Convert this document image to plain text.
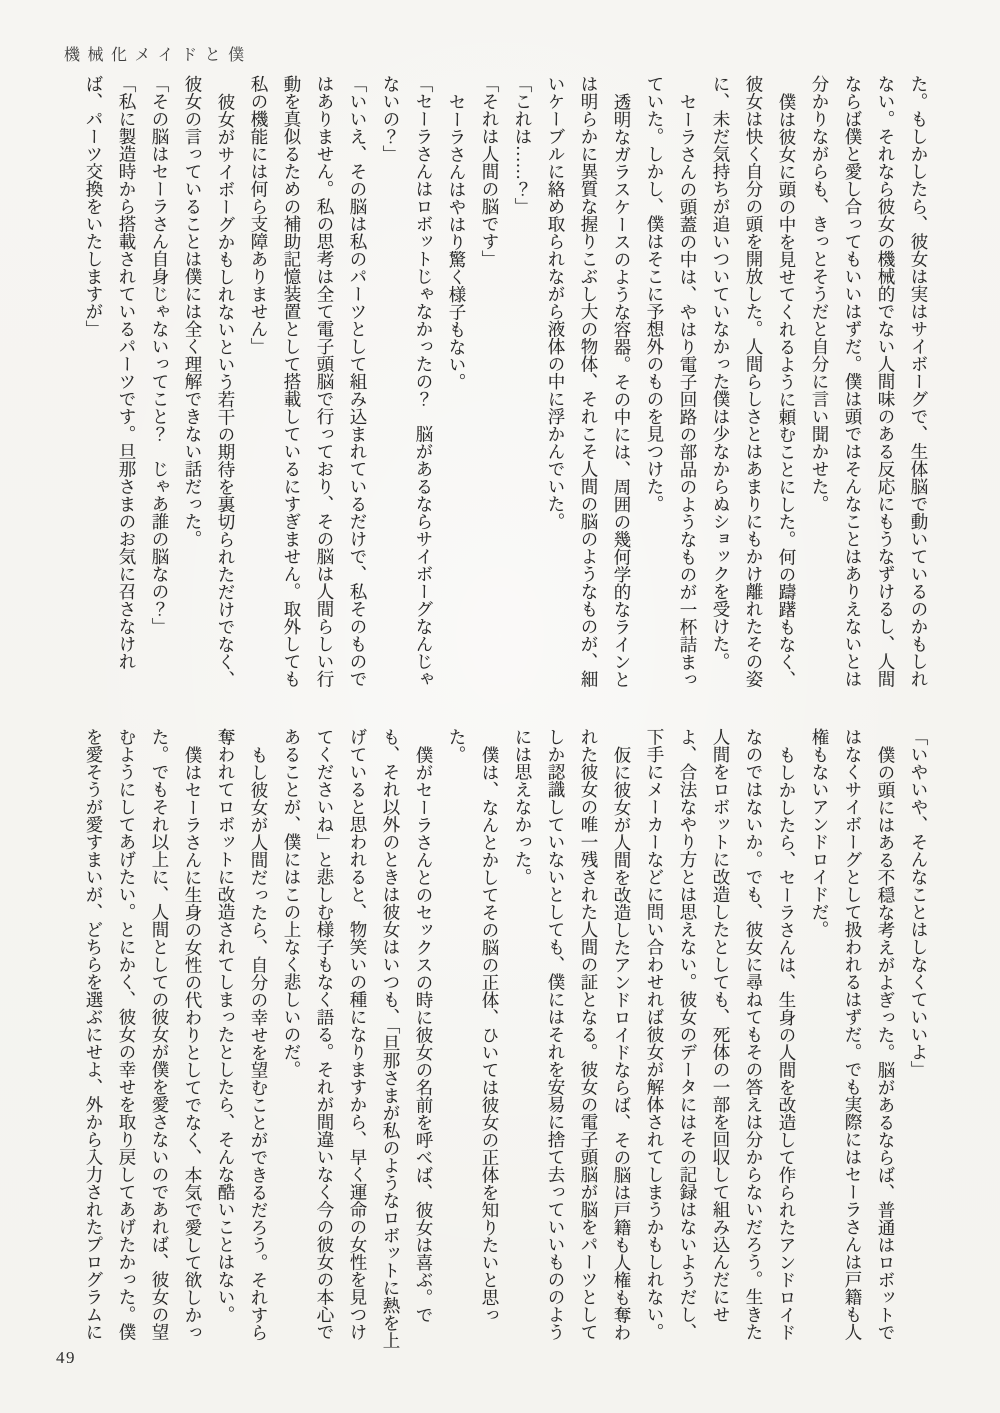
機械化メイドと僕

た。もしかしたら、彼女は実はサイボーグで、生体脳で動いているのかもしれない。それなら彼女の機械的でない人間味のある反応にもうなずけるし、人間ならば僕と愛し合ってもいいはずだ。僕は頭ではそんなことはありえないとは分かりながらも、きっとそうだと自分に言い聞かせた。

僕は彼女に頭の中を見せてくれるように頼むことにした。何の躊躇もなく、彼女は快く自分の頭を開放した。人間らしさとはあまりにもかけ離れたその姿に、未だ気持ちが追いついていなかった僕は少なからぬショックを受けた。

セーラさんの頭蓋の中は、やはり電子回路の部品のようなものが一杯詰まっていた。しかし、僕はそこに予想外のものを見つけた。

透明なガラスケースのような容器。その中には、周囲の幾何学的なラインとは明らかに異質な握りこぶし大の物体、それこそ人間の脳のようなものが、細いケーブルに絡め取られながら液体の中に浮かんでいた。

「これは……？」

「それは人間の脳です」

セーラさんはやはり驚く様子もない。

「セーラさんはロボットじゃなかったの？　脳があるならサイボーグなんじゃないの？」

「いいえ、その脳は私のパーツとして組み込まれているだけで、私そのものではありません。私の思考は全て電子頭脳で行っており、その脳は人間らしい行動を真似るための補助記憶装置として搭載しているにすぎません。取外しても私の機能には何ら支障ありません」

彼女がサイボーグかもしれないという若干の期待を裏切られただけでなく、彼女の言っていることは僕には全く理解できない話だった。

「その脳はセーラさん自身じゃないってこと？　じゃあ誰の脳なの？」

「私に製造時から搭載されているパーツです。旦那さまのお気に召さなければ、パーツ交換をいたしますが」

「いやいや、そんなことはしなくていいよ」

僕の頭にはある不穏な考えがよぎった。脳があるならば、普通はロボットではなくサイボーグとして扱われるはずだ。でも実際にはセーラさんは戸籍も人権もないアンドロイドだ。

もしかしたら、セーラさんは、生身の人間を改造して作られたアンドロイドなのではないか。でも、彼女に尋ねてもその答えは分からないだろう。生きた人間をロボットに改造したとしても、死体の一部を回収して組み込んだにせよ、合法なやり方とは思えない。彼女のデータにはその記録はないようだし、下手にメーカーなどに問い合わせれば彼女が解体されてしまうかもしれない。

仮に彼女が人間を改造したアンドロイドならば、その脳は戸籍も人権も奪われた彼女の唯一残された人間の証となる。彼女の電子頭脳が脳をパーツとしてしか認識していないとしても、僕にはそれを安易に捨て去っていいもののようには思えなかった。

僕は、なんとかしてその脳の正体、ひいては彼女の正体を知りたいと思った。

僕がセーラさんとのセックスの時に彼女の名前を呼べば、彼女は喜ぶ。でも、それ以外のときは彼女はいつも、「旦那さまが私のようなロボットに熱を上げていると思われると、物笑いの種になりますから、早く運命の女性を見つけてくださいね」と悲しむ様子もなく語る。それが間違いなく今の彼女の本心であることが、僕にはこの上なく悲しいのだ。

もし彼女が人間だったら、自分の幸せを望むことができるだろう。それすら奪われてロボットに改造されてしまったとしたら、そんな酷いことはない。

僕はセーラさんに生身の女性の代わりとしてでなく、本気で愛して欲しかった。でもそれ以上に、人間としての彼女が僕を愛さないのであれば、彼女の望むようにしてあげたい。とにかく、彼女の幸せを取り戻してあげたかった。僕を愛そうが愛すまいが、どちらを選ぶにせよ、外から入力されたプログラムに

49
